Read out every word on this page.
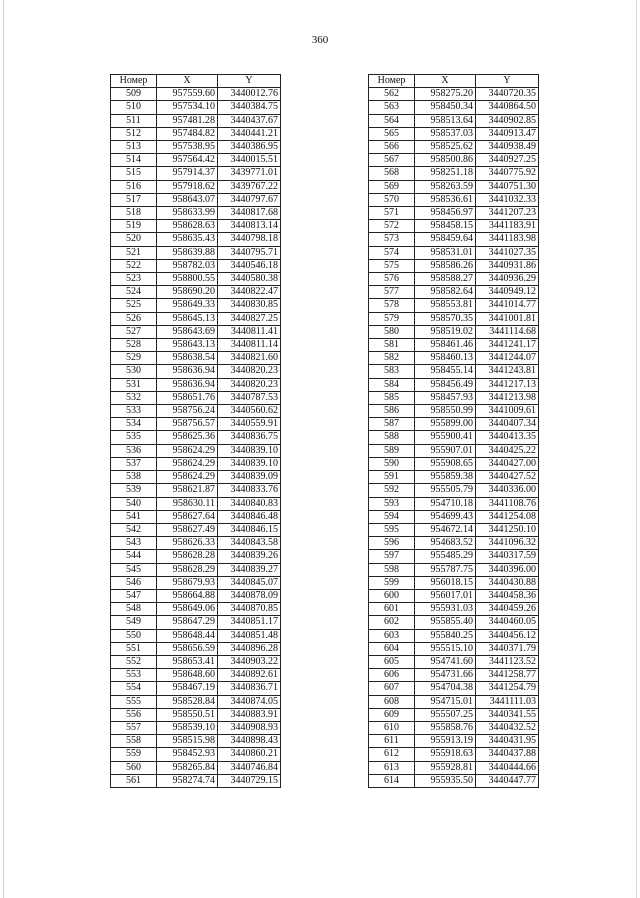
360
Номер	X	Y
509	957559.60	3440012.76
510	957534.10	3440384.75
511	957481.28	3440437.67
512	957484.82	3440441.21
513	957538.95	3440386.95
514	957564.42	3440015.51
515	957914.37	3439771.01
516	957918.62	3439767.22
517	958643.07	3440797.67
518	958633.99	3440817.68
519	958628.63	3440813.14
520	958635.43	3440798.18
521	958639.88	3440795.71
522	958782.03	3440546.18
523	958800.55	3440580.38
524	958690.20	3440822.47
525	958649.33	3440830.85
526	958645.13	3440827.25
527	958643.69	3440811.41
528	958643.13	3440811.14
529	958638.54	3440821.60
530	958636.94	3440820.23
531	958636.94	3440820.23
532	958651.76	3440787.53
533	958756.24	3440560.62
534	958756.57	3440559.91
535	958625.36	3440836.75
536	958624.29	3440839.10
537	958624.29	3440839.10
538	958624.29	3440839.09
539	958621.87	3440833.76
540	958630.11	3440840.83
541	958627.64	3440846.48
542	958627.49	3440846.15
543	958626.33	3440843.58
544	958628.28	3440839.26
545	958628.29	3440839.27
546	958679.93	3440845.07
547	958664.88	3440878.09
548	958649.06	3440870.85
549	958647.29	3440851.17
550	958648.44	3440851.48
551	958656.59	3440896.28
552	958653.41	3440903.22
553	958648.60	3440892.61
554	958467.19	3440836.71
555	958528.84	3440874.05
556	958550.51	3440883.91
557	958539.10	3440908.93
558	958515.98	3440898.43
559	958452.93	3440860.21
560	958265.84	3440746.84
561	958274.74	3440729.15
Номер	X	Y
562	958275.20	3440720.35
563	958450.34	3440864.50
564	958513.64	3440902.85
565	958537.03	3440913.47
566	958525.62	3440938.49
567	958500.86	3440927.25
568	958251.18	3440775.92
569	958263.59	3440751.30
570	958536.61	3441032.33
571	958456.97	3441207.23
572	958458.15	3441183.91
573	958459.64	3441183.98
574	958531.01	3441027.35
575	958586.26	3440931.86
576	958588.27	3440936.29
577	958582.64	3440949.12
578	958553.81	3441014.77
579	958570.35	3441001.81
580	958519.02	3441114.68
581	958461.46	3441241.17
582	958460.13	3441244.07
583	958455.14	3441243.81
584	958456.49	3441217.13
585	958457.93	3441213.98
586	958550.99	3441009.61
587	955899.00	3440407.34
588	955900.41	3440413.35
589	955907.01	3440425.22
590	955908.65	3440427.00
591	955859.38	3440427.52
592	955505.79	3440336.00
593	954710.18	3441108.76
594	954699.43	3441254.08
595	954672.14	3441250.10
596	954683.52	3441096.32
597	955485.29	3440317.59
598	955787.75	3440396.00
599	956018.15	3440430.88
600	956017.01	3440458.36
601	955931.03	3440459.26
602	955855.40	3440460.05
603	955840.25	3440456.12
604	955515.10	3440371.79
605	954741.60	3441123.52
606	954731.66	3441258.77
607	954704.38	3441254.79
608	954715.01	3441111.03
609	955507.25	3440341.55
610	955858.76	3440432.52
611	955913.19	3440431.95
612	955918.63	3440437.88
613	955928.81	3440444.66
614	955935.50	3440447.77
